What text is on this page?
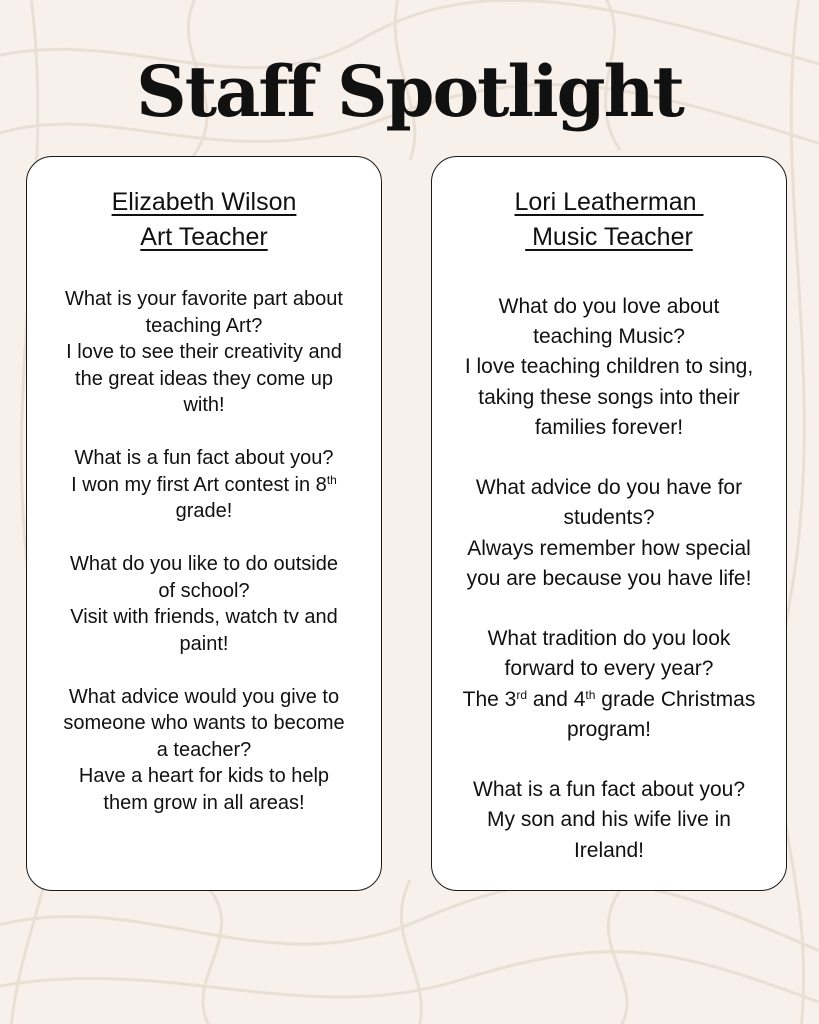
Staff Spotlight
Elizabeth Wilson
Art Teacher
What is your favorite part about
teaching Art?
I love to see their creativity and
the great ideas they come up
with!
What is a fun fact about you?
I won my first Art contest in 8th
grade!
What do you like to do outside
of school?
Visit with friends, watch tv and
paint!
What advice would you give to
someone who wants to become
a teacher?
Have a heart for kids to help
them grow in all areas!
Lori Leatherman
Music Teacher
What do you love about
teaching Music?
I love teaching children to sing,
taking these songs into their
families forever!
What advice do you have for
students?
Always remember how special
you are because you have life!
What tradition do you look
forward to every year?
The 3rd and 4th grade Christmas
program!
What is a fun fact about you?
My son and his wife live in
Ireland!
